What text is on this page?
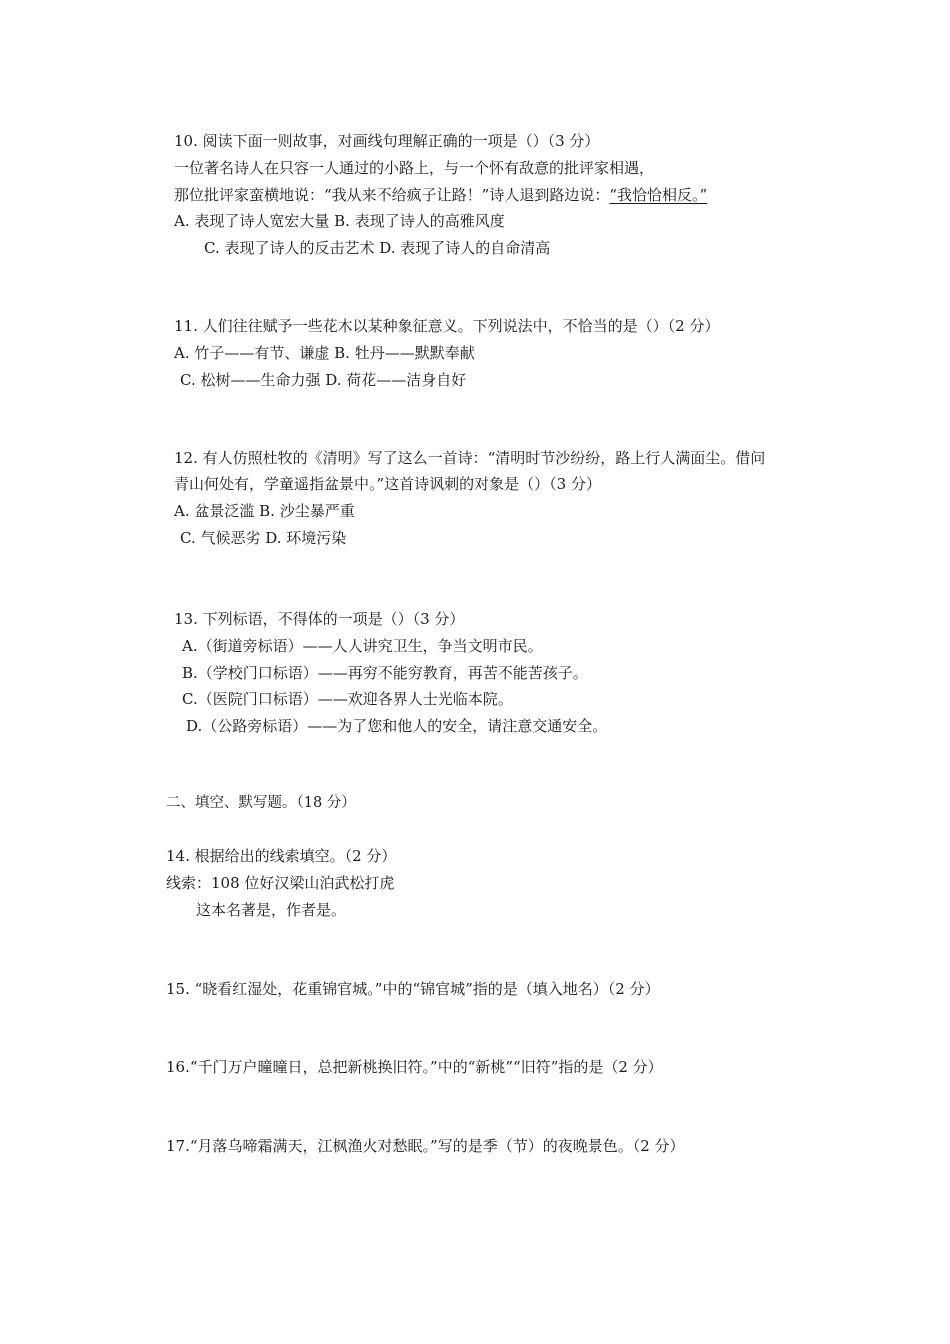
10. 阅读下面一则故事，对画线句理解正确的一项是（）（3 分）
一位著名诗人在只容一人通过的小路上，与一个怀有敌意的批评家相遇，
那位批评家蛮横地说：“我从来不给疯子让路！”诗人退到路边说：“我恰恰相反。”
A. 表现了诗人宽宏大量 B. 表现了诗人的高雅风度
C. 表现了诗人的反击艺术 D. 表现了诗人的自命清高
11. 人们往往赋予一些花木以某种象征意义。下列说法中，不恰当的是（）（2 分）
A. 竹子——有节、谦虚 B. 牡丹——默默奉献
C. 松树——生命力强 D. 荷花——洁身自好
12. 有人仿照杜牧的《清明》写了这么一首诗：“清明时节沙纷纷，路上行人满面尘。借问
青山何处有，学童遥指盆景中。”这首诗讽刺的对象是（）（3 分）
A. 盆景泛滥 B. 沙尘暴严重
C. 气候恶劣 D. 环境污染
13. 下列标语，不得体的一项是（）（3 分）
A.（街道旁标语）——人人讲究卫生，争当文明市民。
B.（学校门口标语）——再穷不能穷教育，再苦不能苦孩子。
C.（医院门口标语）——欢迎各界人士光临本院。
D.（公路旁标语）——为了您和他人的安全，请注意交通安全。
二、填空、默写题。（18 分）
14. 根据给出的线索填空。（2 分）
线索：108 位好汉梁山泊武松打虎
这本名著是，作者是。
15. “晓看红湿处，花重锦官城。”中的“锦官城”指的是（填入地名）（2 分）
16.“千门万户曈曈日，总把新桃换旧符。”中的“新桃”“旧符”指的是（2 分）
17.“月落乌啼霜满天，江枫渔火对愁眠。”写的是季（节）的夜晚景色。（2 分）
